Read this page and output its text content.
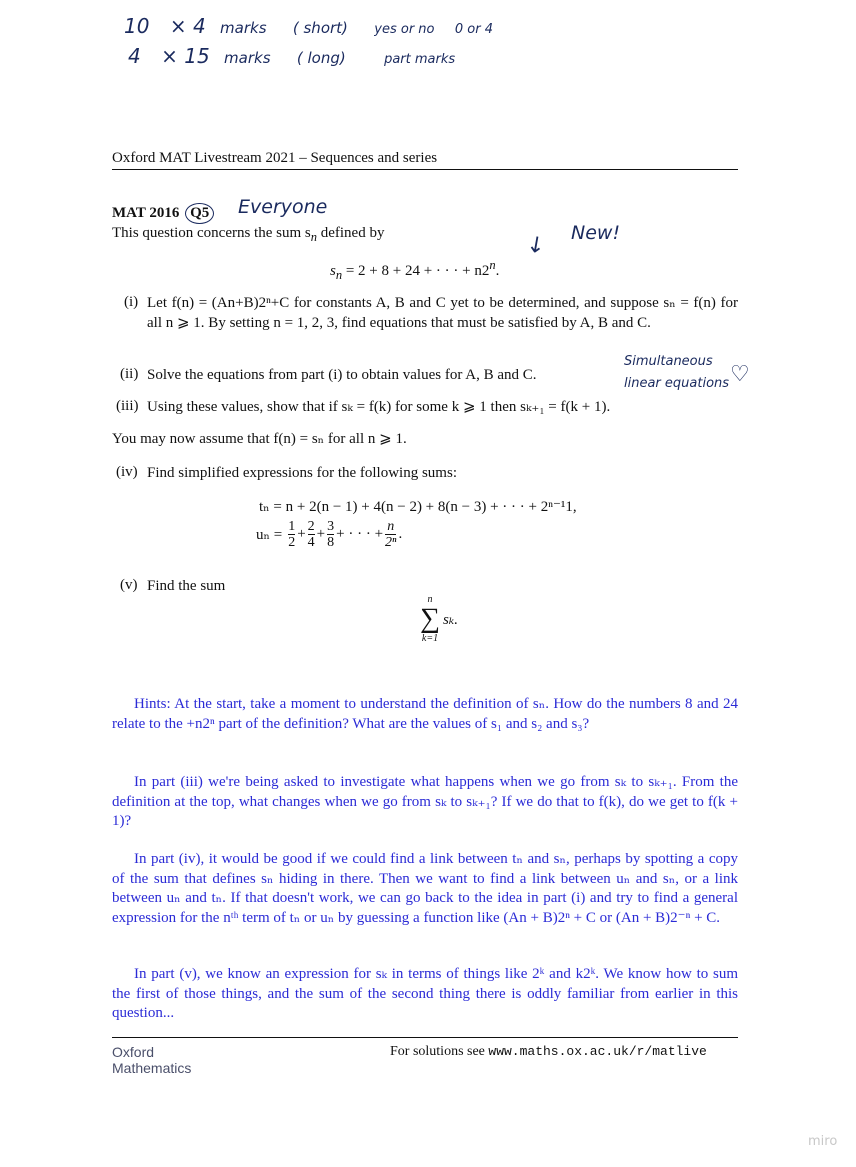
10 × 4 marks ( short) yes or no 0 or 4
4 × 15 marks ( long)	part marks
Oxford MAT Livestream 2021 – Sequences and series
MAT 2016 Q5 Everyone
New!
↙
This question concerns the sum $s_n$ defined by
$s_n = 2 + 8 + 24$ + · · · + $n2^n$.
(i) Let f(n) = (An+B)2ⁿ+C for constants A, B and C yet to be determined, and suppose sₙ = f(n) for all n ⩾ 1. By setting n = 1, 2, 3, find equations that must be satisfied by A, B and C.
(ii) Solve the equations from part (i) to obtain values for A, B and C.
Simultaneous
linear equations ♡
(iii) Using these values, show that if sₖ = f(k) for some k ⩾ 1 then sₖ₊₁ = f(k + 1).
You may now assume that f(n) = sₙ for all n ⩾ 1.
(iv) Find simplified expressions for the following sums:
tₙ = n + 2(n − 1) + 4(n − 2) + 8(n − 3) + · · · + 2ⁿ⁻¹1,
$u_n = \frac{1}{2} + \frac{2}{4} + \frac{3}{8}$ + · · · + $\frac{n}{\text{2ⁿ}}$ .
(v) Find the sum
n
∑
k=1
sₖ.
Hints: At the start, take a moment to understand the definition of sₙ. How do the numbers 8 and 24 relate to the +n2ⁿ part of the definition? What are the values of s₁ and s₂ and s₃?
In part (iii) we're being asked to investigate what happens when we go from sₖ to sₖ₊₁. From the definition at the top, what changes when we go from sₖ to sₖ₊₁? If we do that to f(k), do we get to f(k + 1)?
In part (iv), it would be good if we could find a link between tₙ and sₙ, perhaps by spotting a copy of the sum that defines sₙ hiding in there. Then we want to find a link between uₙ and sₙ, or a link between uₙ and tₙ. If that doesn't work, we can go back to the idea in part (i) and try to find a general expression for the nᵗʰ term of tₙ or uₙ by guessing a function like (An + B)2ⁿ + C or (An + B)2⁻ⁿ + C.
In part (v), we know an expression for sₖ in terms of things like 2ᵏ and k2ᵏ. We know how to sum the first of those things, and the sum of the second thing there is oddly familiar from earlier in this question...
Oxford
Mathematics
For solutions see www.maths.ox.ac.uk/r/matlive
miro
